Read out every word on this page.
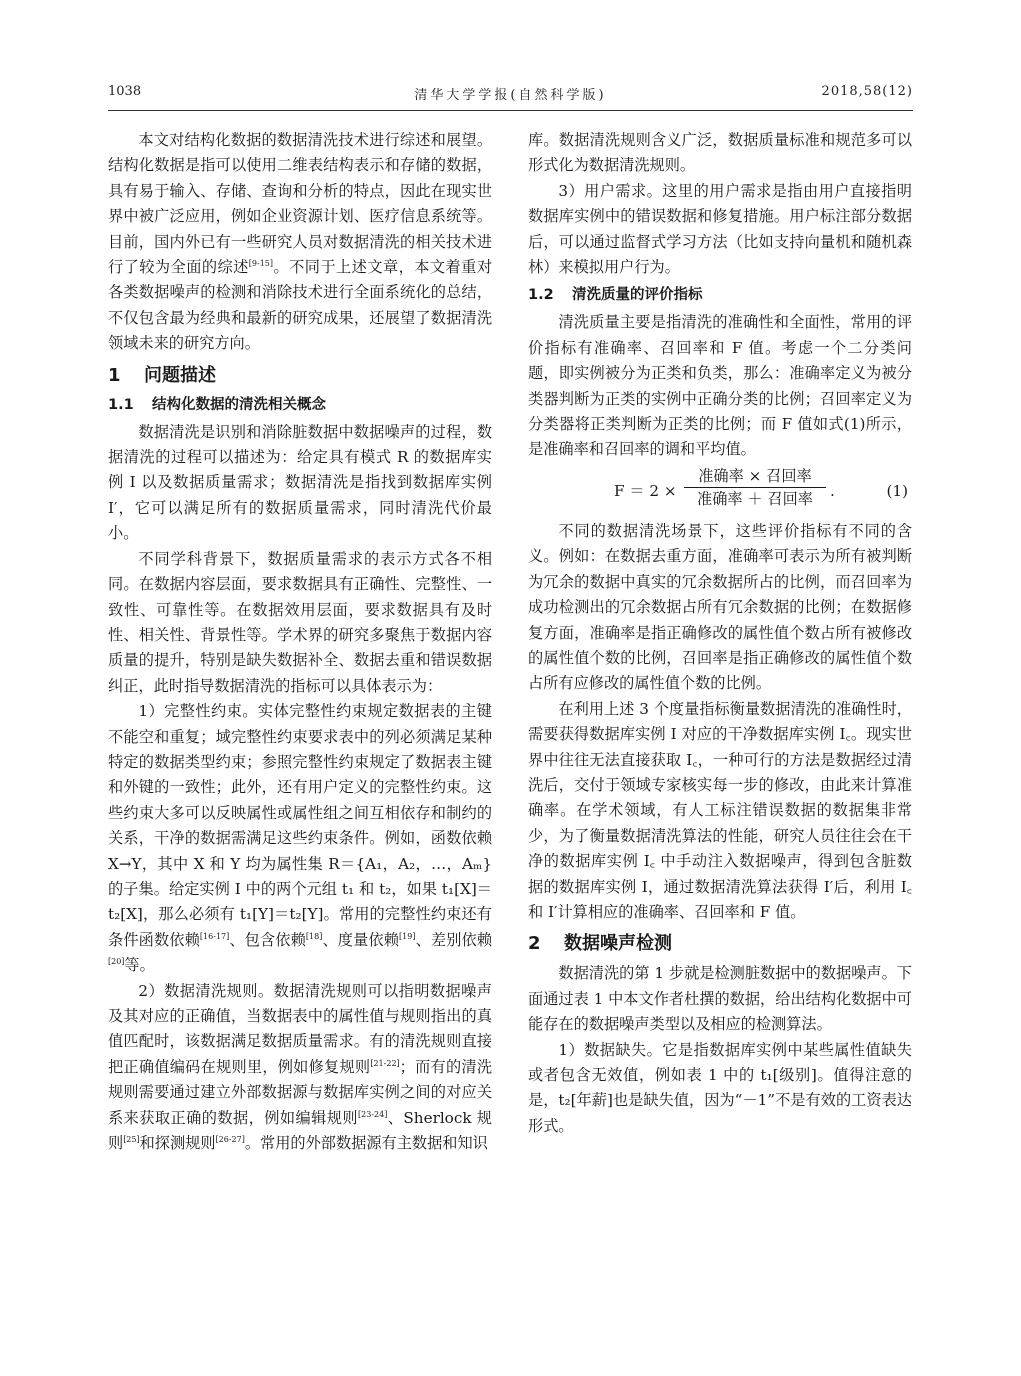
1038	清华大学学报(自然科学版)	2018,58(12)

本文对结构化数据的数据清洗技术进行综述和展望。结构化数据是指可以使用二维表结构表示和存储的数据，具有易于输入、存储、查询和分析的特点，因此在现实世界中被广泛应用，例如企业资源计划、医疗信息系统等。目前，国内外已有一些研究人员对数据清洗的相关技术进行了较为全面的综述[9-15]。不同于上述文章，本文着重对各类数据噪声的检测和消除技术进行全面系统化的总结，不仅包含最为经典和最新的研究成果，还展望了数据清洗领域未来的研究方向。

1 问题描述
1.1 结构化数据的清洗相关概念

数据清洗是识别和消除脏数据中数据噪声的过程，数据清洗的过程可以描述为：给定具有模式 R 的数据库实例 I 以及数据质量需求；数据清洗是指找到数据库实例 I′，它可以满足所有的数据质量需求，同时清洗代价最小。

不同学科背景下，数据质量需求的表示方式各不相同。在数据内容层面，要求数据具有正确性、完整性、一致性、可靠性等。在数据效用层面，要求数据具有及时性、相关性、背景性等。学术界的研究多聚焦于数据内容质量的提升，特别是缺失数据补全、数据去重和错误数据纠正，此时指导数据清洗的指标可以具体表示为：

1）完整性约束。实体完整性约束规定数据表的主键不能空和重复；域完整性约束要求表中的列必须满足某种特定的数据类型约束；参照完整性约束规定了数据表主键和外键的一致性；此外，还有用户定义的完整性约束。这些约束大多可以反映属性或属性组之间互相依存和制约的关系，干净的数据需满足这些约束条件。例如，函数依赖 X→Y，其中 X 和 Y 均为属性集 R＝{A₁，A₂，…，Aₘ}的子集。给定实例 I 中的两个元组 t₁ 和 t₂，如果 t₁[X]＝t₂[X]，那么必须有 t₁[Y]＝t₂[Y]。常用的完整性约束还有条件函数依赖[16-17]、包含依赖[18]、度量依赖[19]、差别依赖[20]等。

2）数据清洗规则。数据清洗规则可以指明数据噪声及其对应的正确值，当数据表中的属性值与规则指出的真值匹配时，该数据满足数据质量需求。有的清洗规则直接把正确值编码在规则里，例如修复规则[21-22]；而有的清洗规则需要通过建立外部数据源与数据库实例之间的对应关系来获取正确的数据，例如编辑规则[23-24]、Sherlock 规则[25]和探测规则[26-27]。常用的外部数据源有主数据和知识

库。数据清洗规则含义广泛，数据质量标准和规范多可以形式化为数据清洗规则。

3）用户需求。这里的用户需求是指由用户直接指明数据库实例中的错误数据和修复措施。用户标注部分数据后，可以通过监督式学习方法（比如支持向量机和随机森林）来模拟用户行为。

1.2 清洗质量的评价指标

清洗质量主要是指清洗的准确性和全面性，常用的评价指标有准确率、召回率和 F 值。考虑一个二分类问题，即实例被分为正类和负类，那么：准确率定义为被分类器判断为正类的实例中正确分类的比例；召回率定义为分类器将正类判断为正类的比例；而 F 值如式(1)所示，是准确率和召回率的调和平均值。

F ＝ 2 ×
准确率 × 召回率
准确率 ＋ 召回率	.	(1)

不同的数据清洗场景下，这些评价指标有不同的含义。例如：在数据去重方面，准确率可表示为所有被判断为冗余的数据中真实的冗余数据所占的比例，而召回率为成功检测出的冗余数据占所有冗余数据的比例；在数据修复方面，准确率是指正确修改的属性值个数占所有被修改的属性值个数的比例，召回率是指正确修改的属性值个数占所有应修改的属性值个数的比例。

在利用上述 3 个度量指标衡量数据清洗的准确性时，需要获得数据库实例 I 对应的干净数据库实例 I꜀。现实世界中往往无法直接获取 I꜀，一种可行的方法是数据经过清洗后，交付于领域专家核实每一步的修改，由此来计算准确率。在学术领域，有人工标注错误数据的数据集非常少，为了衡量数据清洗算法的性能，研究人员往往会在干净的数据库实例 I꜀ 中手动注入数据噪声，得到包含脏数据的数据库实例 I，通过数据清洗算法获得 I′后，利用 I꜀ 和 I′计算相应的准确率、召回率和 F 值。

2 数据噪声检测

数据清洗的第 1 步就是检测脏数据中的数据噪声。下面通过表 1 中本文作者杜撰的数据，给出结构化数据中可能存在的数据噪声类型以及相应的检测算法。

1）数据缺失。它是指数据库实例中某些属性值缺失或者包含无效值，例如表 1 中的 t₁[级别]。值得注意的是，t₂[年薪]也是缺失值，因为“－1”不是有效的工资表达形式。
